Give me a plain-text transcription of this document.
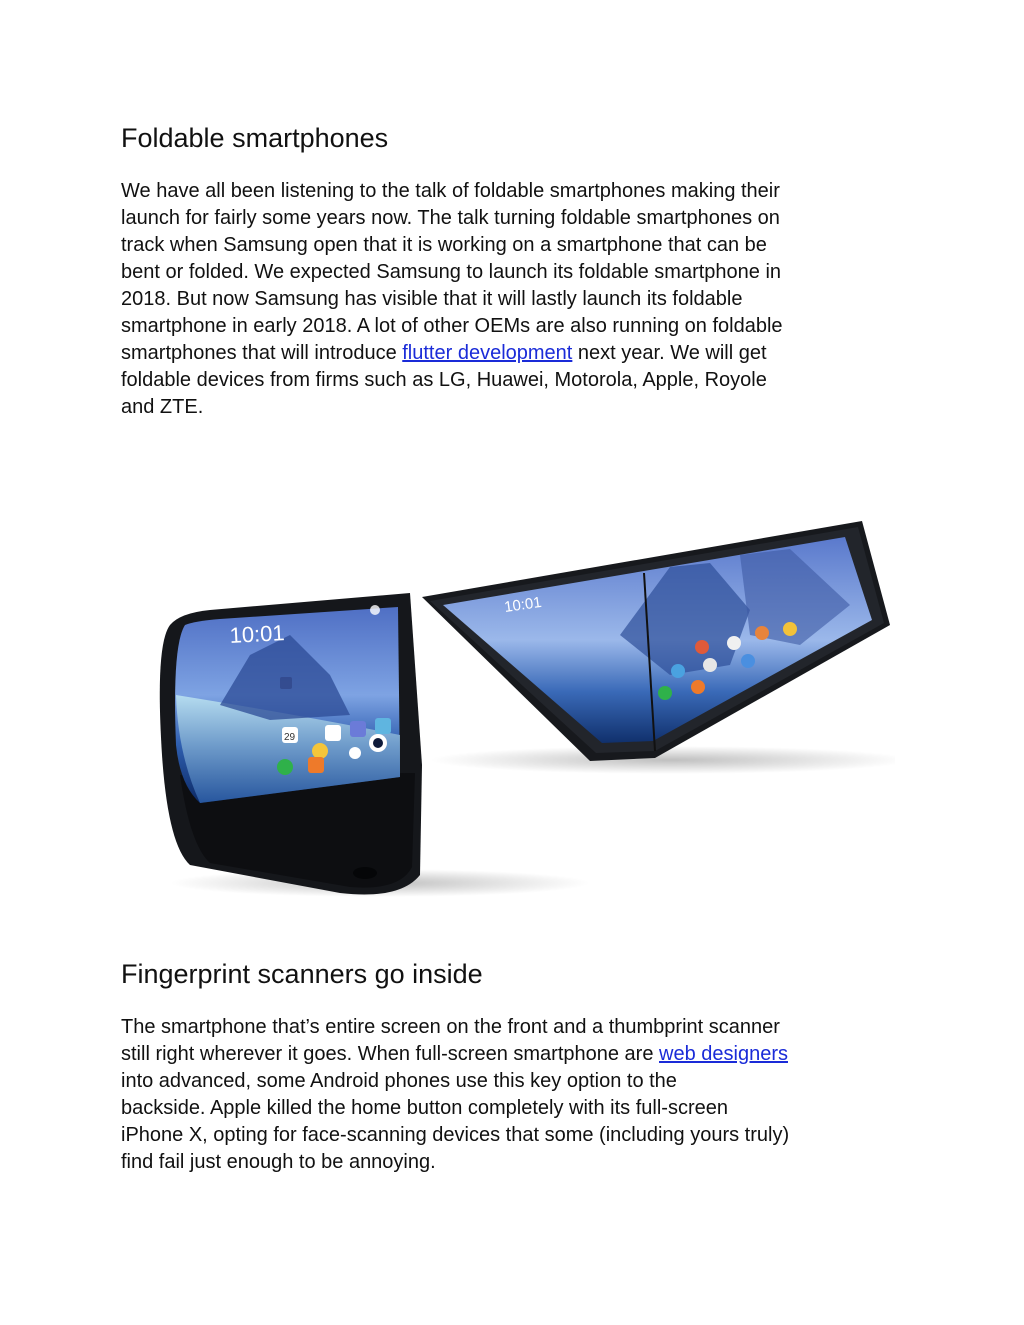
Foldable smartphones
We have all been listening to the talk of foldable smartphones making their
launch for fairly some years now. The talk turning foldable smartphones on
track when Samsung open that it is working on a smartphone that can be
bent or folded. We expected Samsung to launch its foldable smartphone in
2018. But now Samsung has visible that it will lastly launch its foldable
smartphone in early 2018. A lot of other OEMs are also running on foldable
smartphones that will introduce flutter development next year. We will get
foldable devices from firms such as LG, Huawei, Motorola, Apple, Royole
and ZTE.
Fingerprint scanners go inside
The smartphone that’s entire screen on the front and a thumbprint scanner
still right wherever it goes. When full-screen smartphone are web designers
into advanced, some Android phones use this key option to the
backside. Apple killed the home button completely with its full-screen
iPhone X, opting for face-scanning devices that some (including yours truly)
find fail just enough to be annoying.
10:01
10:01
29
